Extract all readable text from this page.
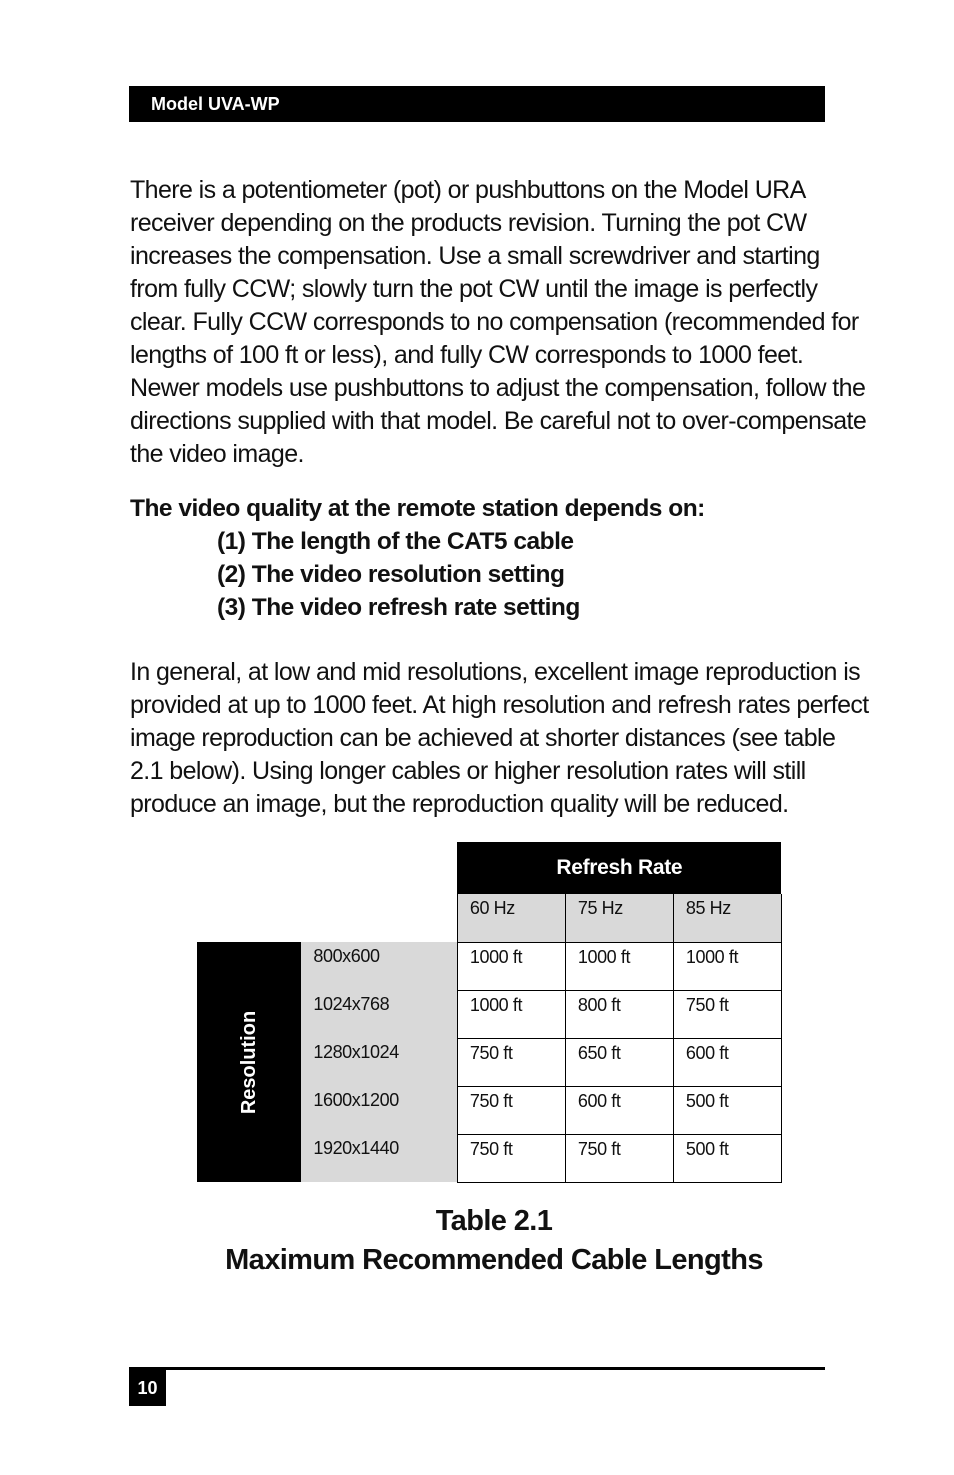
Model UVA-WP

There is a potentiometer (pot) or pushbuttons on the Model URA receiver depending on the products revision. Turning the pot CW increases the compensation. Use a small screwdriver and starting from fully CCW; slowly turn the pot CW until the image is perfectly clear. Fully CCW corresponds to no compensation (recommended for lengths of 100 ft or less), and fully CW corresponds to 1000 feet. Newer models use pushbuttons to adjust the compensation, follow the directions supplied with that model. Be careful not to over-compensate the video image.

The video quality at the remote station depends on:
(1) The length of the CAT5 cable
(2) The video resolution setting
(3) The video refresh rate setting

In general, at low and mid resolutions, excellent image reproduction is provided at up to 1000 feet. At high resolution and refresh rates perfect image reproduction can be achieved at shorter distances (see table 2.1 below). Using longer cables or higher resolution rates will still produce an image, but the reproduction quality will be reduced.

		Refresh Rate		
		60 Hz	75 Hz	85 Hz
Resolution	800x600	1000 ft	1000 ft	1000 ft
	1024x768	1000 ft	800 ft	750 ft
	1280x1024	750 ft	650 ft	600 ft
	1600x1200	750 ft	600 ft	500 ft
	1920x1440	750 ft	750 ft	500 ft
Table 2.1
Maximum Recommended Cable Lengths
10
